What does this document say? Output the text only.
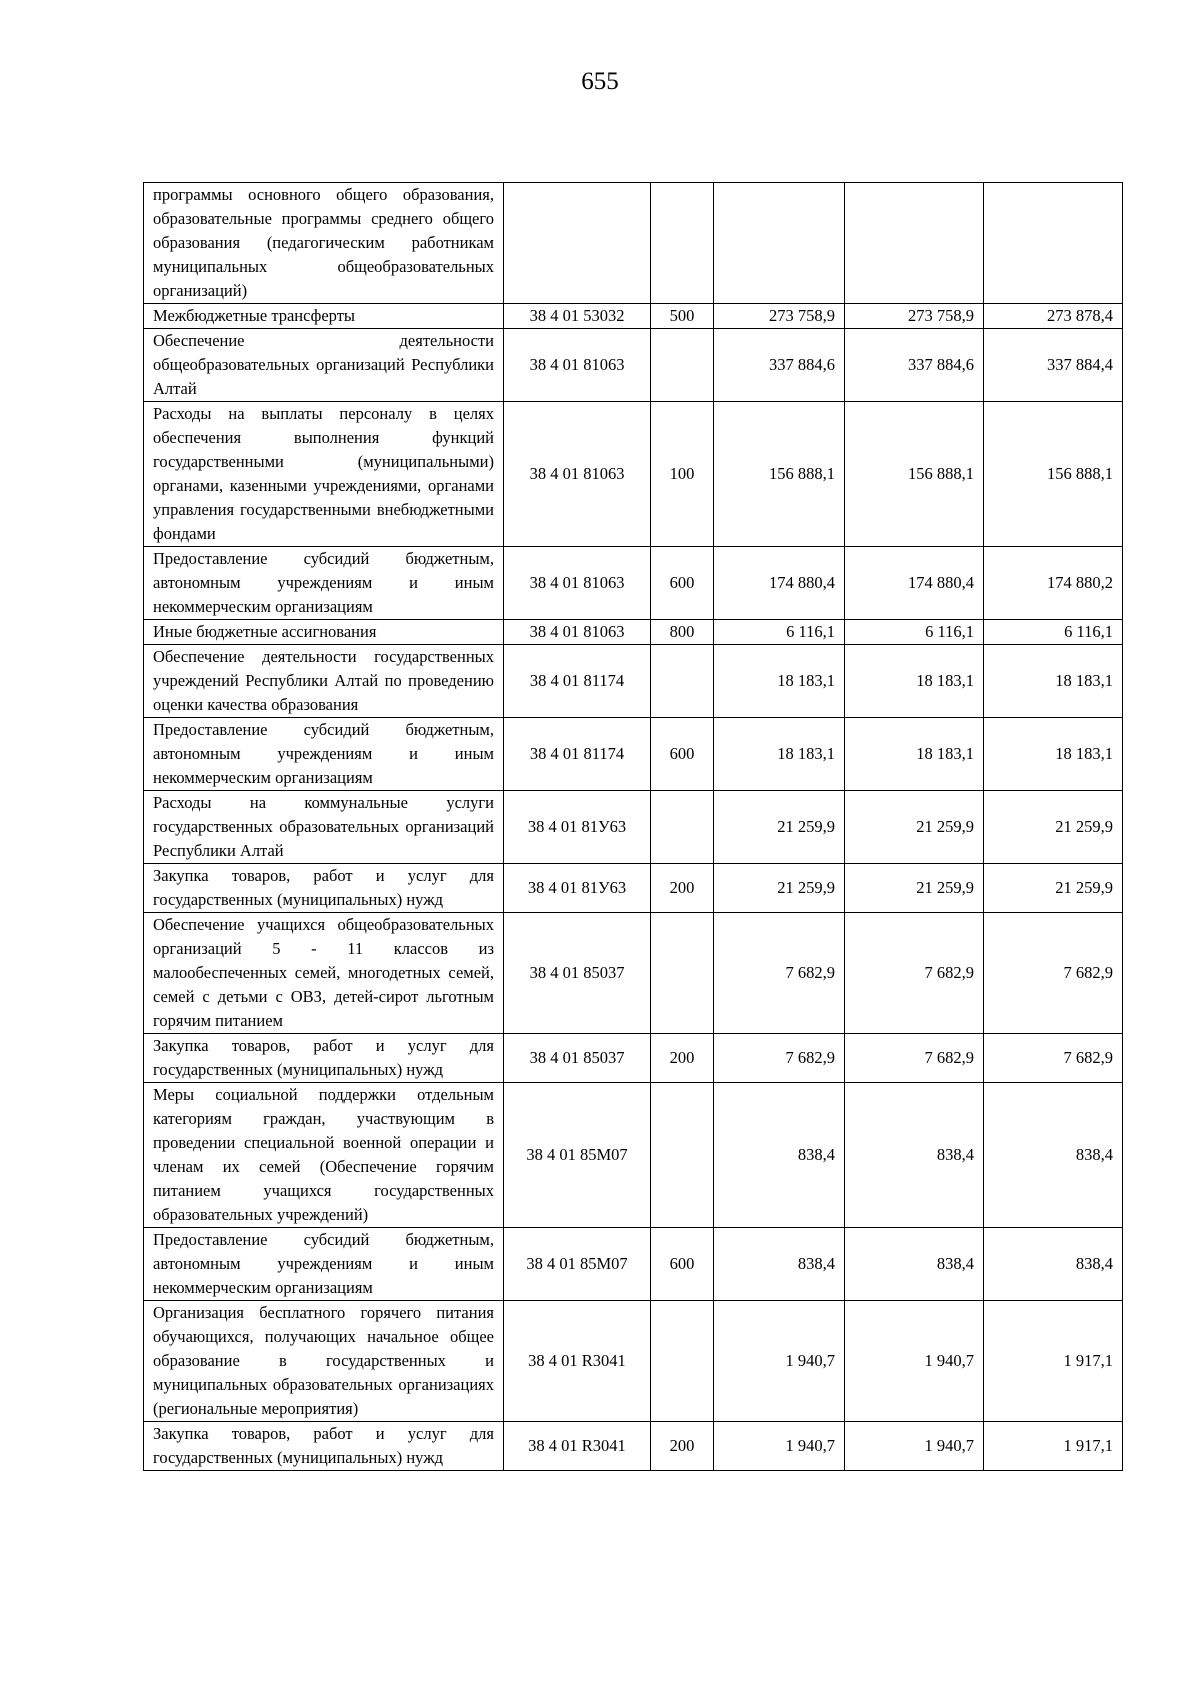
655
программы основного общего образования, образовательные программы среднего общего образования (педагогическим работникам муниципальных общеобразовательных организаций)					
Межбюджетные трансферты	38 4 01 53032	500	273 758,9	273 758,9	273 878,4
Обеспечение деятельности общеобразовательных организаций Республики Алтай	38 4 01 81063		337 884,6	337 884,6	337 884,4
Расходы на выплаты персоналу в целях обеспечения выполнения функций государственными (муниципальными) органами, казенными учреждениями, органами управления государственными внебюджетными фондами	38 4 01 81063	100	156 888,1	156 888,1	156 888,1
Предоставление субсидий бюджетным, автономным учреждениям и иным некоммерческим организациям	38 4 01 81063	600	174 880,4	174 880,4	174 880,2
Иные бюджетные ассигнования	38 4 01 81063	800	6 116,1	6 116,1	6 116,1
Обеспечение деятельности государственных учреждений Республики Алтай по проведению оценки качества образования	38 4 01 81174		18 183,1	18 183,1	18 183,1
Предоставление субсидий бюджетным, автономным учреждениям и иным некоммерческим организациям	38 4 01 81174	600	18 183,1	18 183,1	18 183,1
Расходы на коммунальные услуги государственных образовательных организаций Республики Алтай	38 4 01 81У63		21 259,9	21 259,9	21 259,9
Закупка товаров, работ и услуг для государственных (муниципальных) нужд	38 4 01 81У63	200	21 259,9	21 259,9	21 259,9
Обеспечение учащихся общеобразовательных организаций 5 - 11 классов из малообеспеченных семей, многодетных семей, семей с детьми с ОВЗ, детей-сирот льготным горячим питанием	38 4 01 85037		7 682,9	7 682,9	7 682,9
Закупка товаров, работ и услуг для государственных (муниципальных) нужд	38 4 01 85037	200	7 682,9	7 682,9	7 682,9
Меры социальной поддержки отдельным категориям граждан, участвующим в проведении специальной военной операции и членам их семей (Обеспечение горячим питанием учащихся государственных образовательных учреждений)	38 4 01 85М07		838,4	838,4	838,4
Предоставление субсидий бюджетным, автономным учреждениям и иным некоммерческим организациям	38 4 01 85М07	600	838,4	838,4	838,4
Организация бесплатного горячего питания обучающихся, получающих начальное общее образование в государственных и муниципальных образовательных организациях (региональные мероприятия)	38 4 01 R3041		1 940,7	1 940,7	1 917,1
Закупка товаров, работ и услуг для государственных (муниципальных) нужд	38 4 01 R3041	200	1 940,7	1 940,7	1 917,1
